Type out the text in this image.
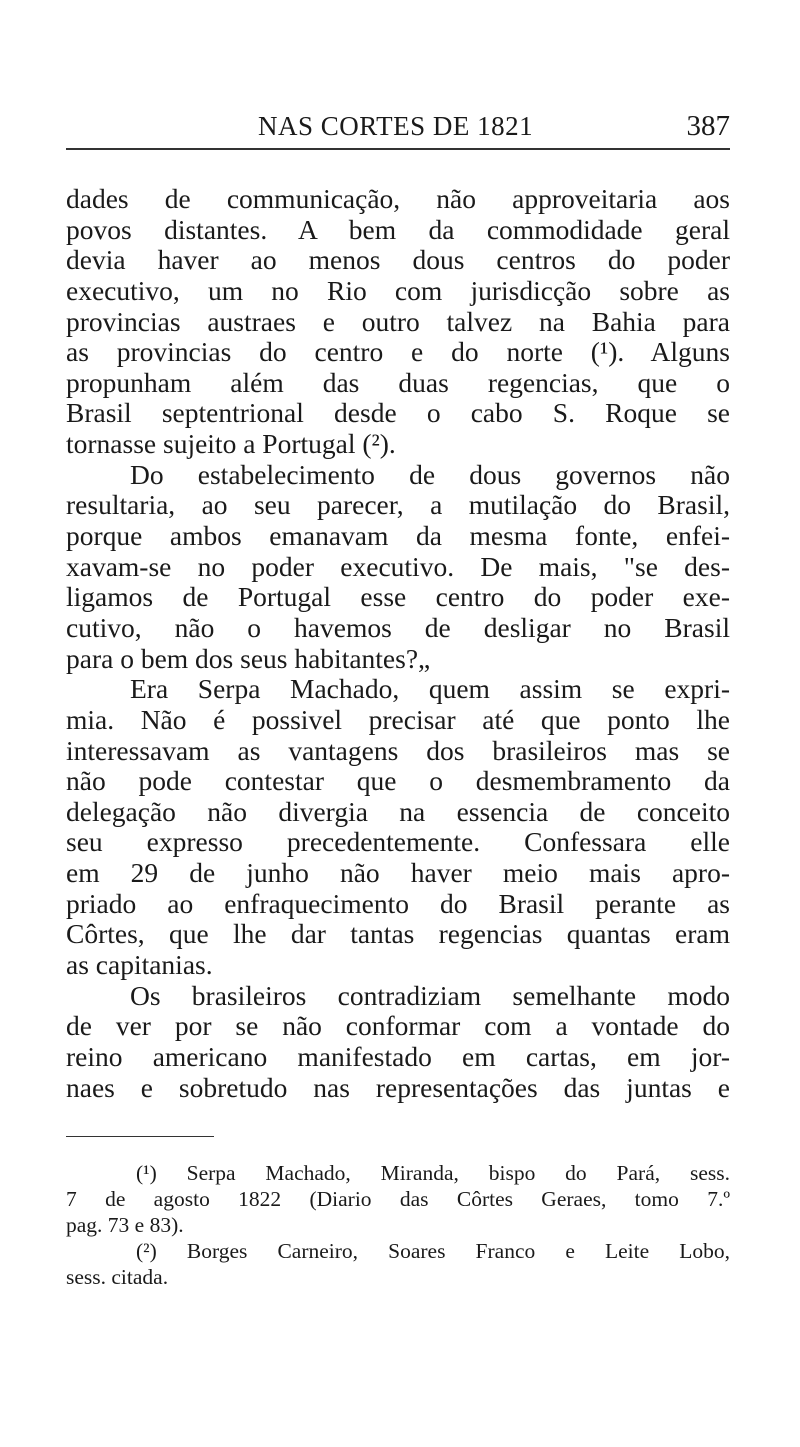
NAS CORTES DE 1821	387
dades de communicação, não approveitaria aos
povos distantes. A bem da commodidade geral
devia haver ao menos dous centros do poder
executivo, um no Rio com jurisdicção sobre as
provincias austraes e outro talvez na Bahia para
as provincias do centro e do norte (¹). Alguns
propunham além das duas regencias, que o
Brasil septentrional desde o cabo S. Roque se
tornasse sujeito a Portugal (²).
Do estabelecimento de dous governos não
resultaria, ao seu parecer, a mutilação do Brasil,
porque ambos emanavam da mesma fonte, enfei-
xavam-se no poder executivo. De mais, "se des-
ligamos de Portugal esse centro do poder exe-
cutivo, não o havemos de desligar no Brasil
para o bem dos seus habitantes?„
Era Serpa Machado, quem assim se expri-
mia. Não é possivel precisar até que ponto lhe
interessavam as vantagens dos brasileiros mas se
não pode contestar que o desmembramento da
delegação não divergia na essencia de conceito
seu expresso precedentemente. Confessara elle
em 29 de junho não haver meio mais apro-
priado ao enfraquecimento do Brasil perante as
Côrtes, que lhe dar tantas regencias quantas eram
as capitanias.
Os brasileiros contradiziam semelhante modo
de ver por se não conformar com a vontade do
reino americano manifestado em cartas, em jor-
naes e sobretudo nas representações das juntas e
(¹) Serpa Machado, Miranda, bispo do Pará, sess.
7 de agosto 1822 (Diario das Côrtes Geraes, tomo 7.º
pag. 73 e 83).
(²) Borges Carneiro, Soares Franco e Leite Lobo,
sess. citada.
